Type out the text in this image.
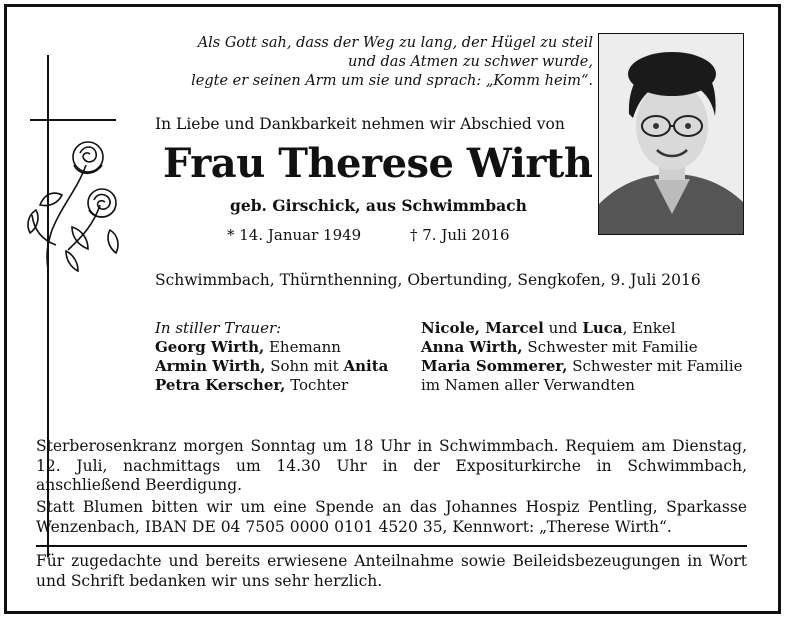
Als Gott sah, dass der Weg zu lang, der Hügel zu steil
und das Atmen zu schwer wurde,
legte er seinen Arm um sie und sprach: „Komm heim“.
In Liebe und Dankbarkeit nehmen wir Abschied von
Frau Therese Wirth
geb. Girschick, aus Schwimmbach
* 14. Januar 1949	† 7. Juli 2016
Schwimmbach, Thürnthenning, Obertunding, Sengkofen, 9. Juli 2016
In stiller Trauer:
Georg Wirth, Ehemann
Armin Wirth, Sohn mit Anita
Petra Kerscher, Tochter
Nicole, Marcel und Luca, Enkel
Anna Wirth, Schwester mit Familie
Maria Sommerer, Schwester mit Familie
im Namen aller Verwandten
Sterberosenkranz morgen Sonntag um 18 Uhr in Schwimmbach. Requiem am Dienstag, 12. Juli, nachmittags um 14.30 Uhr in der Expositurkirche in Schwimmbach, anschließend Beerdigung.
Statt Blumen bitten wir um eine Spende an das Johannes Hospiz Pentling, Sparkasse Wenzenbach, IBAN DE 04 7505 0000 0101 4520 35, Kennwort: „Therese Wirth“.
Für zugedachte und bereits erwiesene Anteilnahme sowie Beileidsbezeugungen in Wort und Schrift bedanken wir uns sehr herzlich.
